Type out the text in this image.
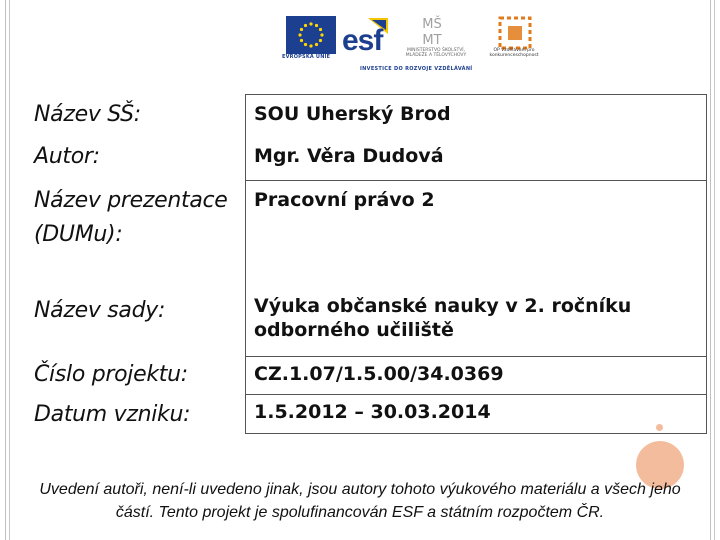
EVROPSKÁ UNIE esf	MŠ
MT
MINISTERSTVO ŠKOLSTVÍ, MLÁDEŽE A TĚLOVÝCHOVY
OP Vzdělávání pro konkurenceschopnost
INVESTICE DO ROZVOJE VZDĚLÁVÁNÍ
Název SŠ:
Autor:
Název prezentace (DUMu):
Název sady:
Číslo projektu:
Datum vzniku:
SOU Uherský Brod
Mgr. Věra Dudová
Pracovní právo 2
Výuka občanské nauky v 2. ročníku odborného učiliště
CZ.1.07/1.5.00/34.0369
1.5.2012 – 30.03.2014
Uvedení autoři, není-li uvedeno jinak, jsou autory tohoto výukového materiálu a všech jeho částí. Tento projekt je spolufinancován ESF a státním rozpočtem ČR.
